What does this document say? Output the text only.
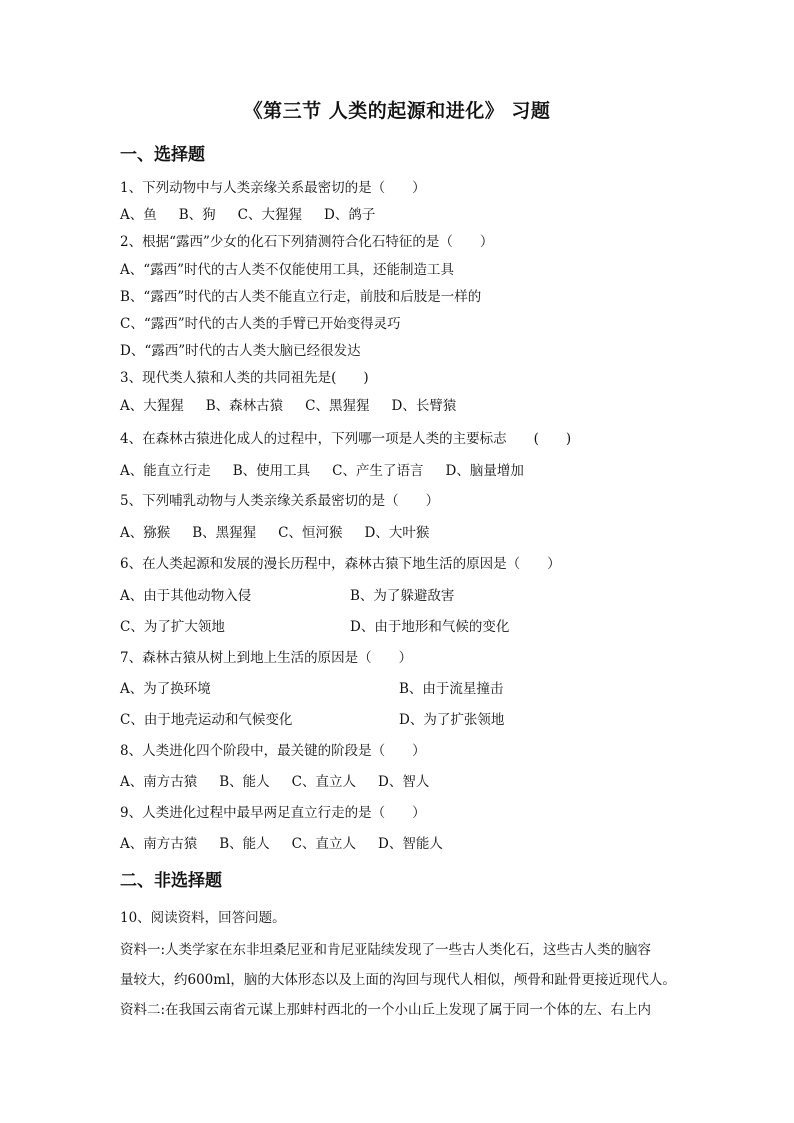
《第三节 人类的起源和进化》 习题
一、选择题
1、下列动物中与人类亲缘关系最密切的是（　　）
A、鱼 B、狗 C、大猩猩 D、鸽子
2、根据“露西”少女的化石下列猜测符合化石特征的是（　　）
A、“露西”时代的古人类不仅能使用工具，还能制造工具
B、“露西”时代的古人类不能直立行走，前肢和后肢是一样的
C、“露西”时代的古人类的手臂已开始变得灵巧
D、“露西”时代的古人类大脑已经很发达
3、现代类人猿和人类的共同祖先是(　　)
A、大猩猩 B、森林古猿 C、黑猩猩 D、长臂猿
4、在森林古猿进化成人的过程中，下列哪一项是人类的主要标志　　(　　)
A、能直立行走 B、使用工具 C、产生了语言 D、脑量增加
5、下列哺乳动物与人类亲缘关系最密切的是（　　）
A、猕猴 B、黑猩猩 C、恒河猴 D、大叶猴
6、在人类起源和发展的漫长历程中，森林古猿下地生活的原因是（　　）
A、由于其他动物入侵	B、为了躲避敌害
C、为了扩大领地	D、由于地形和气候的变化
7、森林古猿从树上到地上生活的原因是（　　）
A、为了换环境	B、由于流星撞击
C、由于地壳运动和气候变化	D、为了扩张领地
8、人类进化四个阶段中，最关键的阶段是（　　）
A、南方古猿 B、能人 C、直立人 D、智人
9、人类进化过程中最早两足直立行走的是（　　）
A、南方古猿 B、能人 C、直立人 D、智能人
二、非选择题
10、阅读资料，回答问题。
资料一:人类学家在东非坦桑尼亚和肯尼亚陆续发现了一些古人类化石，这些古人类的脑容
量较大，约600ml，脑的大体形态以及上面的沟回与现代人相似，颅骨和趾骨更接近现代人。
资料二:在我国云南省元谋上那蚌村西北的一个小山丘上发现了属于同一个体的左、右上内
